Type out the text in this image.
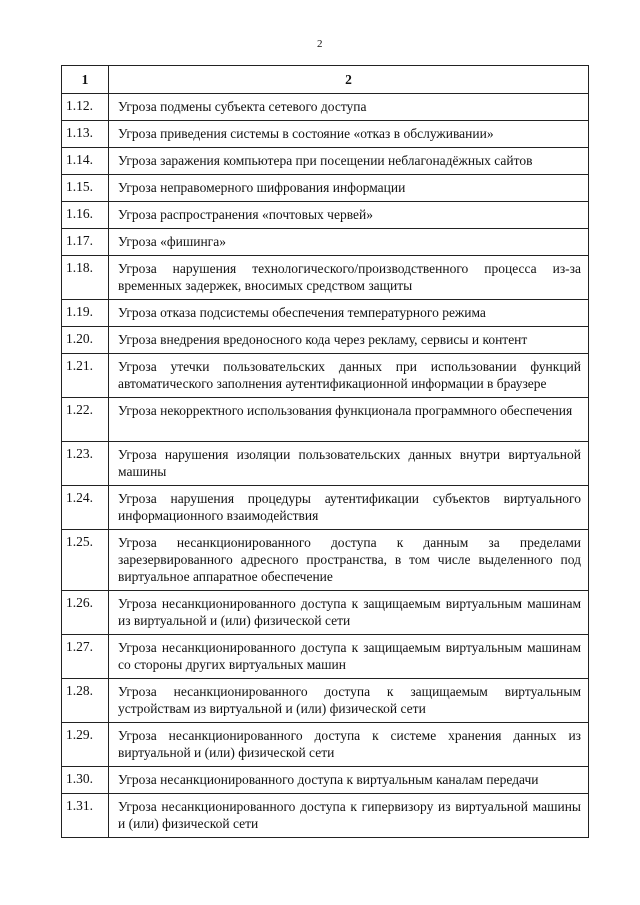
2
1	2
1.12.	Угроза подмены субъекта сетевого доступа
1.13.	Угроза приведения системы в состояние «отказ в обслуживании»
1.14.	Угроза заражения компьютера при посещении неблагонадёжных сайтов
1.15.	Угроза неправомерного шифрования информации
1.16.	Угроза распространения «почтовых червей»
1.17.	Угроза «фишинга»
1.18.	Угроза нарушения технологического/производственного процесса из-за временных задержек, вносимых средством защиты
1.19.	Угроза отказа подсистемы обеспечения температурного режима
1.20.	Угроза внедрения вредоносного кода через рекламу, сервисы и контент
1.21.	Угроза утечки пользовательских данных при использовании функций автоматического заполнения аутентификационной информации в браузере
1.22.	Угроза некорректного использования функционала программного обеспечения
1.23.	Угроза нарушения изоляции пользовательских данных внутри виртуальной машины
1.24.	Угроза нарушения процедуры аутентификации субъектов виртуального информационного взаимодействия
1.25.	Угроза несанкционированного доступа к данным за пределами зарезервированного адресного пространства, в том числе выделенного под виртуальное аппаратное обеспечение
1.26.	Угроза несанкционированного доступа к защищаемым виртуальным машинам из виртуальной и (или) физической сети
1.27.	Угроза несанкционированного доступа к защищаемым виртуальным машинам со стороны других виртуальных машин
1.28.	Угроза несанкционированного доступа к защищаемым виртуальным устройствам из виртуальной и (или) физической сети
1.29.	Угроза несанкционированного доступа к системе хранения данных из виртуальной и (или) физической сети
1.30.	Угроза несанкционированного доступа к виртуальным каналам передачи
1.31.	Угроза несанкционированного доступа к гипервизору из виртуальной машины и (или) физической сети
